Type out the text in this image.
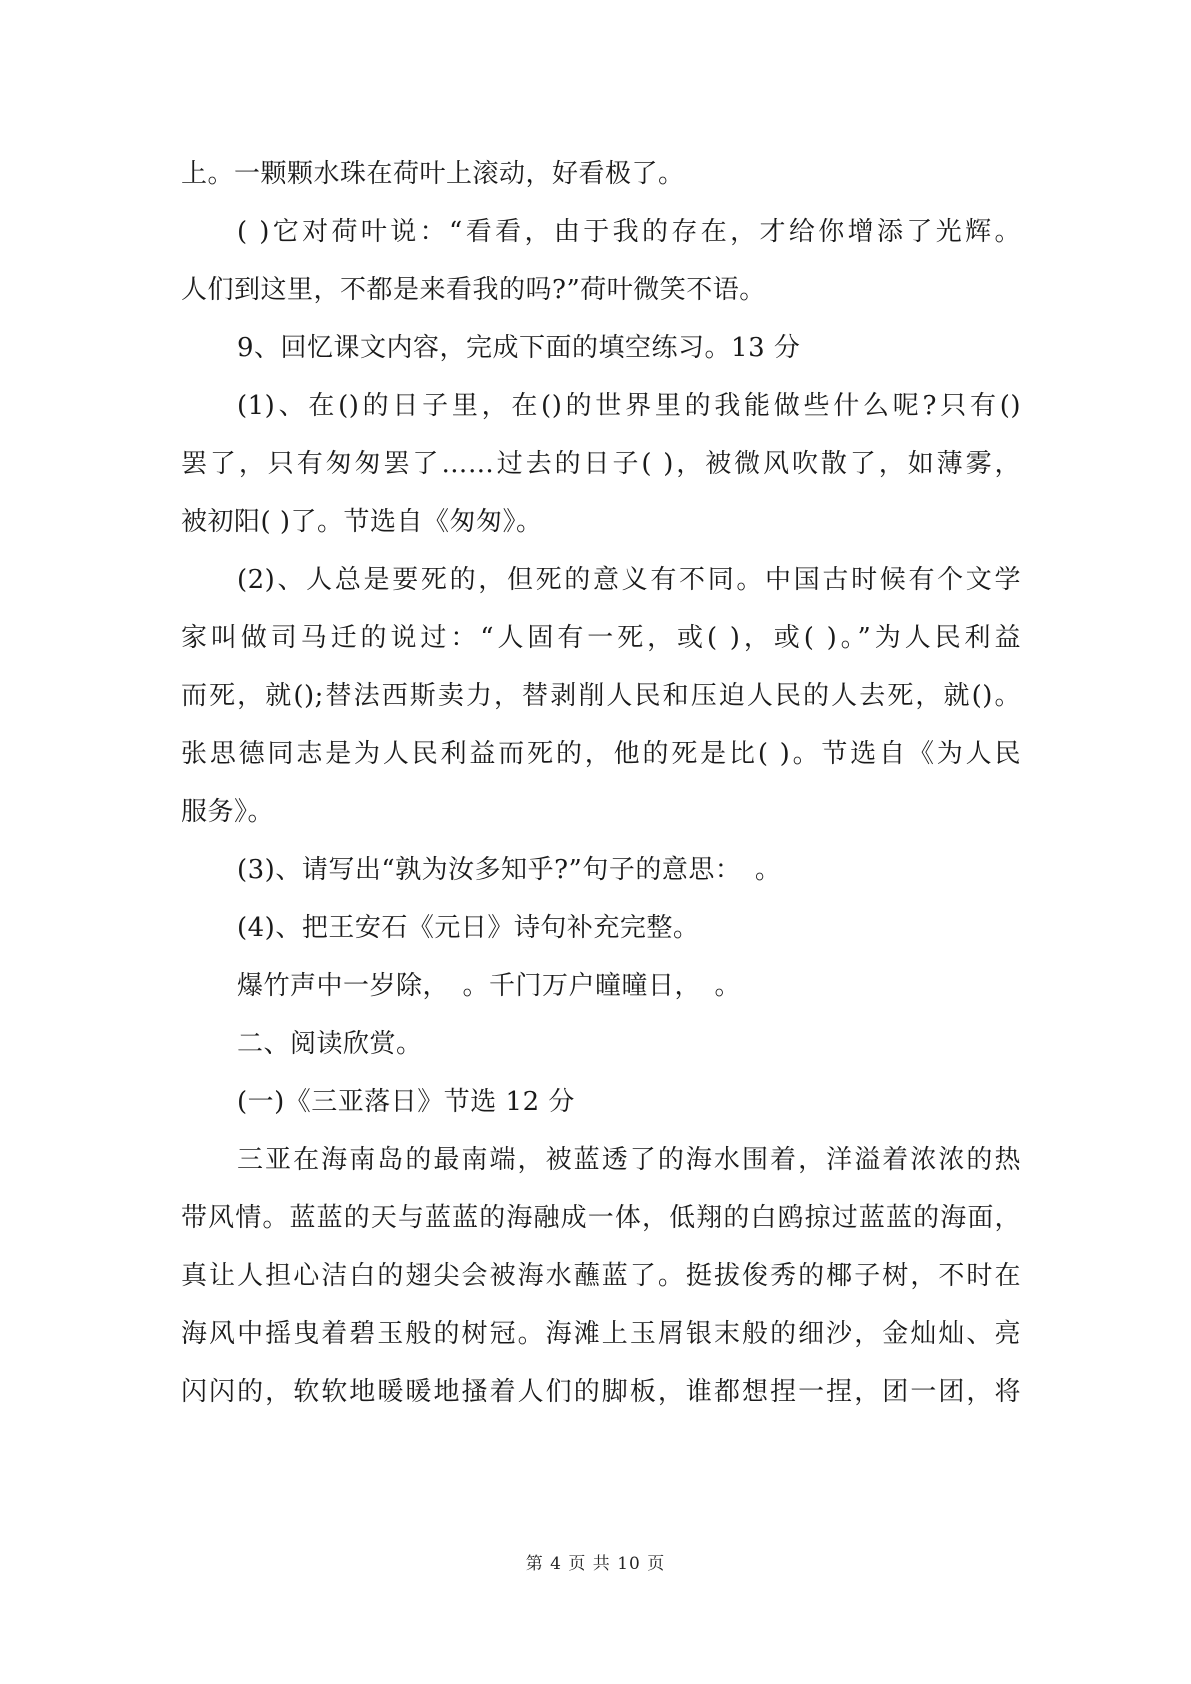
上。一颗颗水珠在荷叶上滚动，好看极了。
( )它对荷叶说：“看看，由于我的存在，才给你增添了光辉。
人们到这里，不都是来看我的吗?”荷叶微笑不语。
9、回忆课文内容，完成下面的填空练习。13 分
(1)、在()的日子里，在()的世界里的我能做些什么呢?只有()
罢了，只有匆匆罢了……过去的日子( )，被微风吹散了，如薄雾，
被初阳( )了。节选自《匆匆》。
(2)、人总是要死的，但死的意义有不同。中国古时候有个文学
家叫做司马迁的说过：“人固有一死，或( )，或( )。”为人民利益
而死，就();替法西斯卖力，替剥削人民和压迫人民的人去死，就()。
张思德同志是为人民利益而死的，他的死是比( )。节选自《为人民
服务》。
(3)、请写出“孰为汝多知乎?”句子的意思：　。
(4)、把王安石《元日》诗句补充完整。
爆竹声中一岁除，　。千门万户曈曈日，　。
二、阅读欣赏。
(一)《三亚落日》节选 12 分
三亚在海南岛的最南端，被蓝透了的海水围着，洋溢着浓浓的热
带风情。蓝蓝的天与蓝蓝的海融成一体，低翔的白鸥掠过蓝蓝的海面，
真让人担心洁白的翅尖会被海水蘸蓝了。挺拔俊秀的椰子树，不时在
海风中摇曳着碧玉般的树冠。海滩上玉屑银末般的细沙，金灿灿、亮
闪闪的，软软地暖暖地搔着人们的脚板，谁都想捏一捏，团一团，将
第 4 页 共 10 页
